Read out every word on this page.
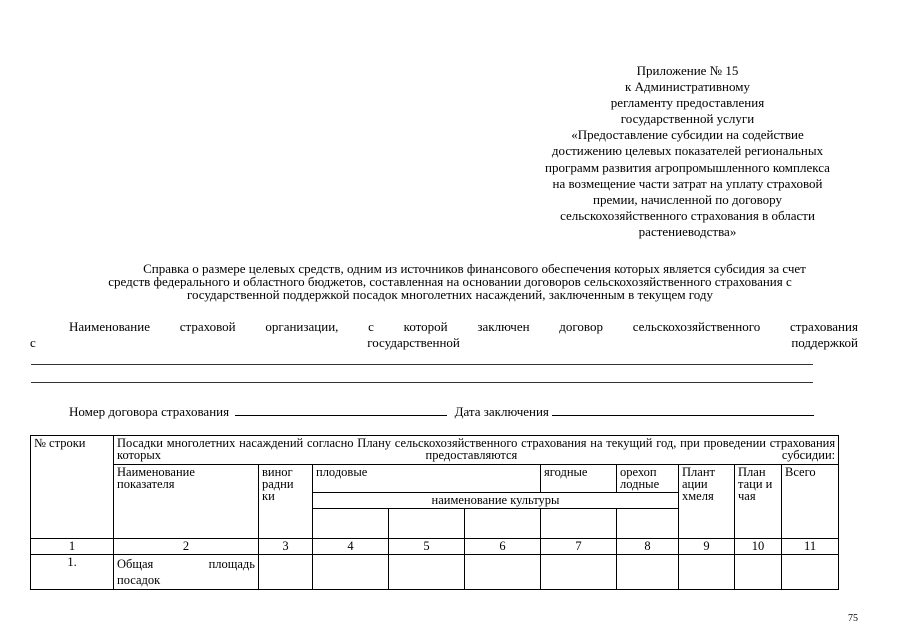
Приложение № 15
к Административному
регламенту предоставления
государственной услуги
«Предоставление субсидии на содействие
достижению целевых показателей региональных
программ развития агропромышленного комплекса
на возмещение части затрат на уплату страховой
премии, начисленной по договору
сельскохозяйственного страхования в области
растениеводства»
Справка о размере целевых средств, одним из источников финансового обеспечения которых является субсидия за счет
средств федерального и областного бюджетов, составленная на основании договоров сельскохозяйственного страхования с
государственной поддержкой посадок многолетних насаждений, заключенным в текущем году
Наименование страховой организации, с которой заключен договор сельскохозяйственного страхования
с	государственной	поддержкой
Номер договора страхования	Дата заключения
№ строки	Посадки многолетних насаждений согласно Плану сельскохозяйственного страхования на текущий год, при проведении страхования которых предоставляются субсидии:									
	Наименование показателя	виног радни ки	плодовые			ягодные	орехоп лодные	Плант ации хмеля	План таци и чая	Всего
			наименование культуры							

1	2	3	4	5	6	7	8	9	10	11
1.	Общая площадь
посадок									

75
